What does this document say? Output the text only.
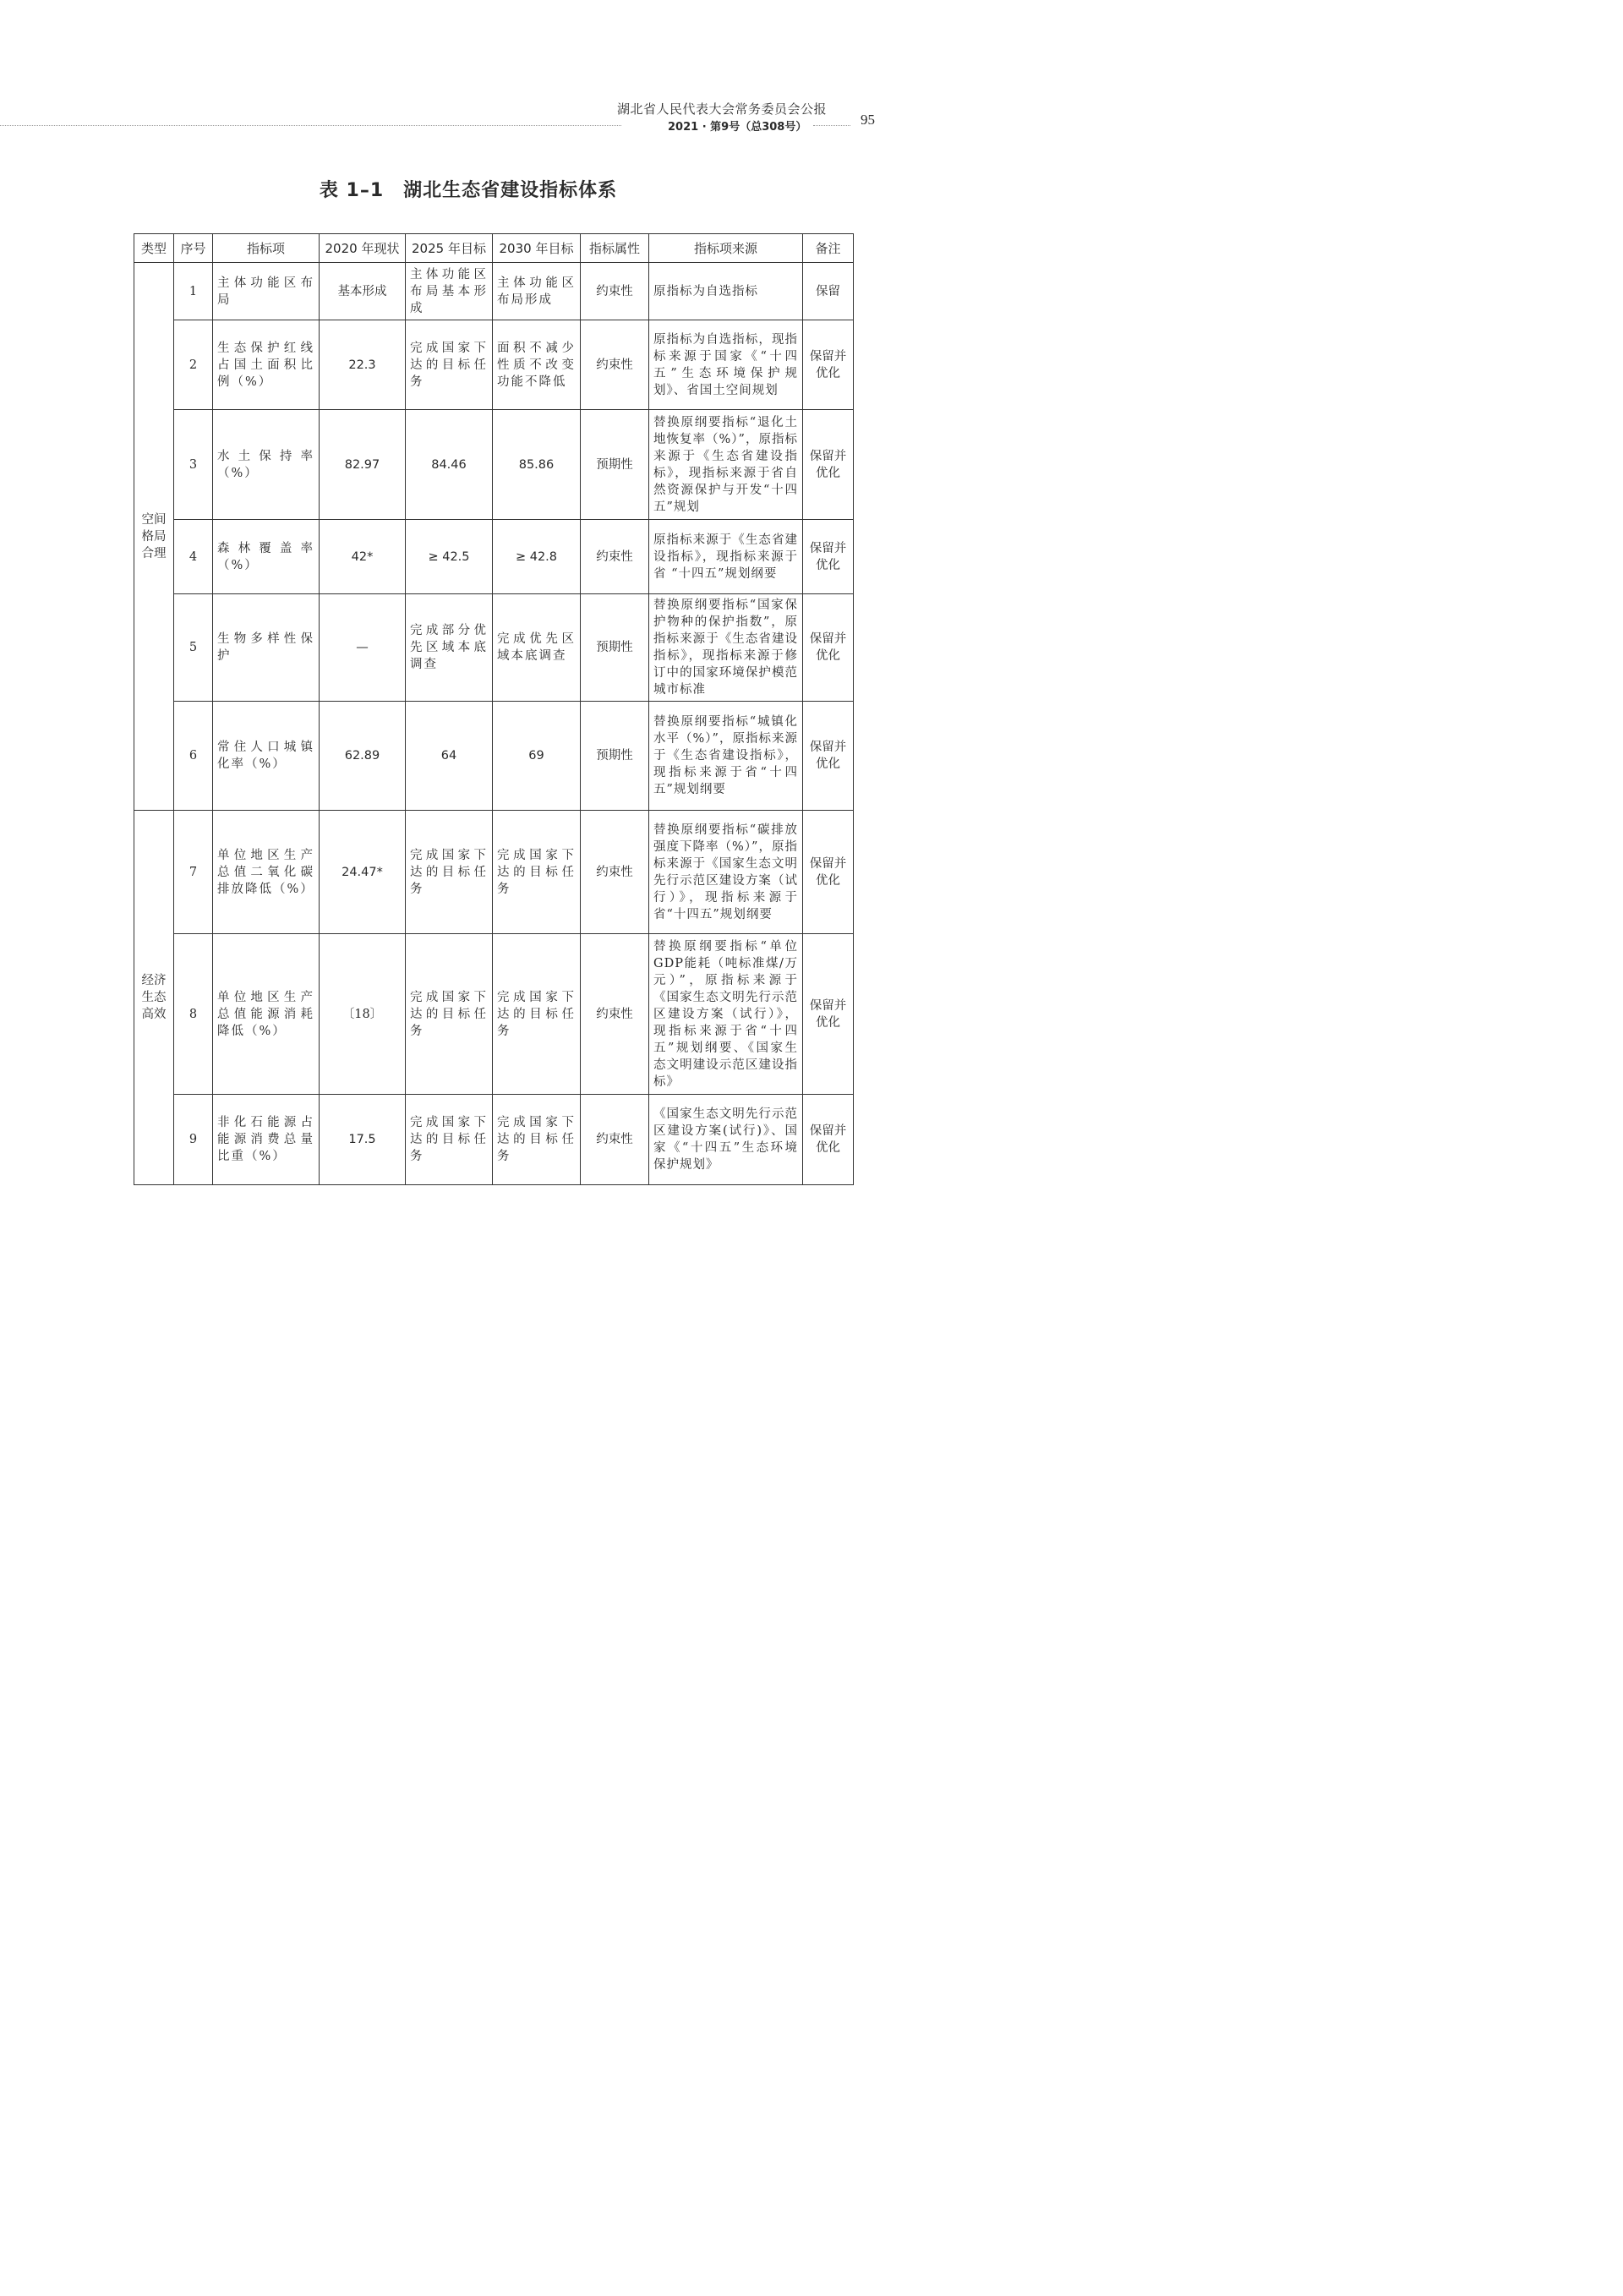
湖北省人民代表大会常务委员会公报
2021 · 第9号（总308号）	95
表 1–1　湖北生态省建设指标体系
类型	序号	指标项	2020 年现状	2025 年目标	2030 年目标	指标属性	指标项来源	备注
空间格局合理	1	主体功能区布局	基本形成	主体功能区布局基本形成	主体功能区布局形成	约束性	原指标为自选指标	保留
	2	生态保护红线占国土面积比例（%）	22.3	完成国家下达的目标任务	面积不减少性质不改变功能不降低	约束性	原指标为自选指标，现指标来源于国家《“十四五”生态环境保护规划》、省国土空间规划	保留并优化
	3	水土保持率（%）	82.97	84.46	85.86	预期性	替换原纲要指标“退化土地恢复率（%）”，原指标来源于《生态省建设指标》，现指标来源于省自然资源保护与开发“十四五”规划	保留并优化
	4	森林覆盖率（%）	42*	≥ 42.5	≥ 42.8	约束性	原指标来源于《生态省建设指标》，现指标来源于省 “十四五”规划纲要	保留并优化
	5	生物多样性保护	—	完成部分优先区域本底调查	完成优先区域本底调查	预期性	替换原纲要指标“国家保护物种的保护指数”，原指标来源于《生态省建设指标》，现指标来源于修订中的国家环境保护模范城市标准	保留并优化
	6	常住人口城镇化率（%）	62.89	64	69	预期性	替换原纲要指标“城镇化水平（%）”，原指标来源于《生态省建设指标》，现指标来源于省“十四五”规划纲要	保留并优化
经济生态高效	7	单位地区生产总值二氧化碳排放降低（%）	24.47*	完成国家下达的目标任务	完成国家下达的目标任务	约束性	替换原纲要指标“碳排放强度下降率（%）”，原指标来源于《国家生态文明先行示范区建设方案（试行）》，现指标来源于省“十四五”规划纲要	保留并优化
	8	单位地区生产总值能源消耗降低（%）	〔18〕	完成国家下达的目标任务	完成国家下达的目标任务	约束性	替换原纲要指标“单位GDP能耗（吨标准煤/万元）”，原指标来源于《国家生态文明先行示范区建设方案（试行）》，现指标来源于省“十四五”规划纲要、《国家生态文明建设示范区建设指标》	保留并优化
	9	非化石能源占能源消费总量比重（%）	17.5	完成国家下达的目标任务	完成国家下达的目标任务	约束性	《国家生态文明先行示范区建设方案(试行)》、国家《“十四五”生态环境保护规划》	保留并优化
